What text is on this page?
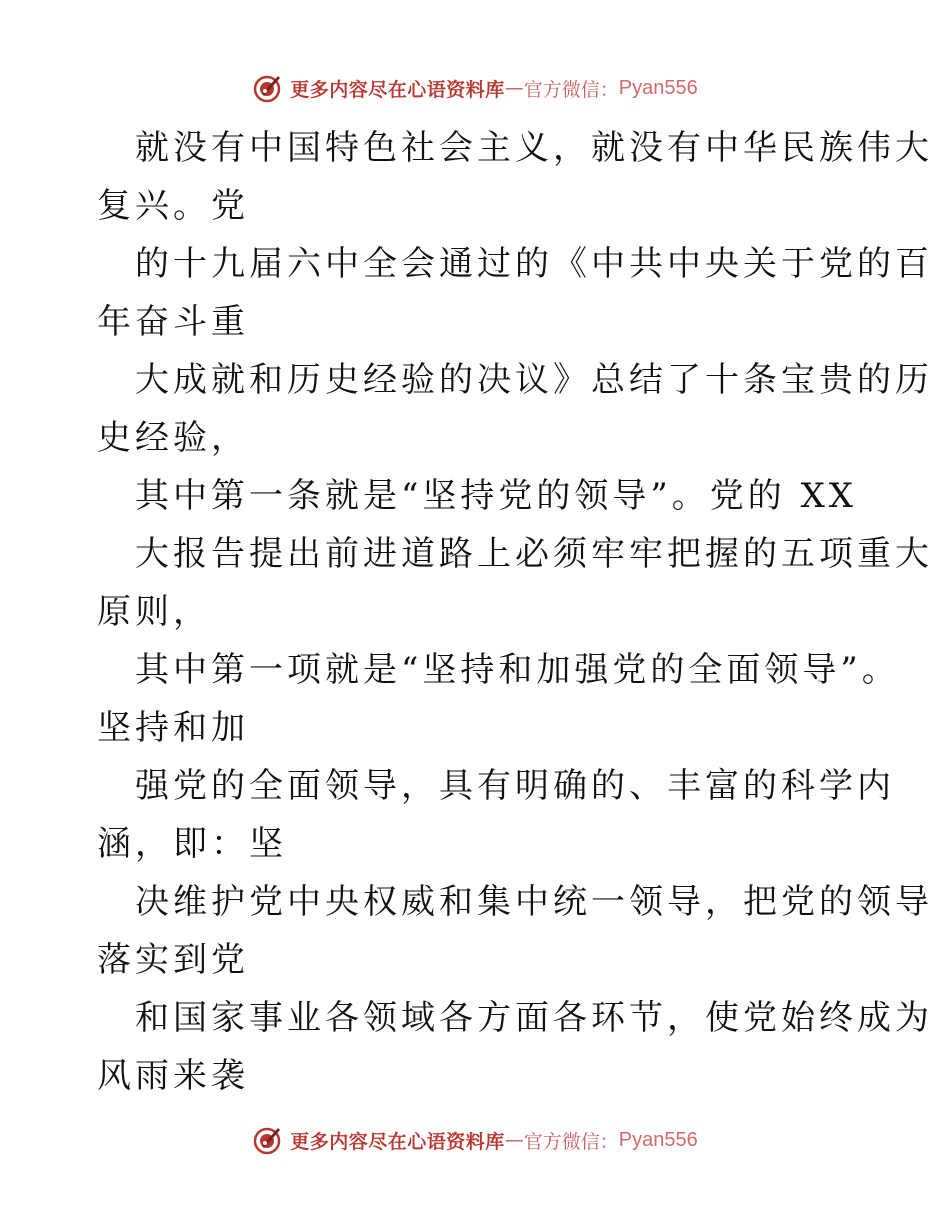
更多内容尽在心语资料库 — 官方微信： Pyan556
就没有中国特色社会主义，就没有中华民族伟大
复兴。党
的十九届六中全会通过的《中共中央关于党的百
年奋斗重
大成就和历史经验的决议》总结了十条宝贵的历
史经验，
其中第一条就是“坚持党的领导”。党的 XX
大报告提出前进道路上必须牢牢把握的五项重大
原则，
其中第一项就是“坚持和加强党的全面领导”。
坚持和加
强党的全面领导，具有明确的、丰富的科学内
涵，即：坚
决维护党中央权威和集中统一领导，把党的领导
落实到党
和国家事业各领域各方面各环节，使党始终成为
风雨来袭
更多内容尽在心语资料库 — 官方微信： Pyan556
